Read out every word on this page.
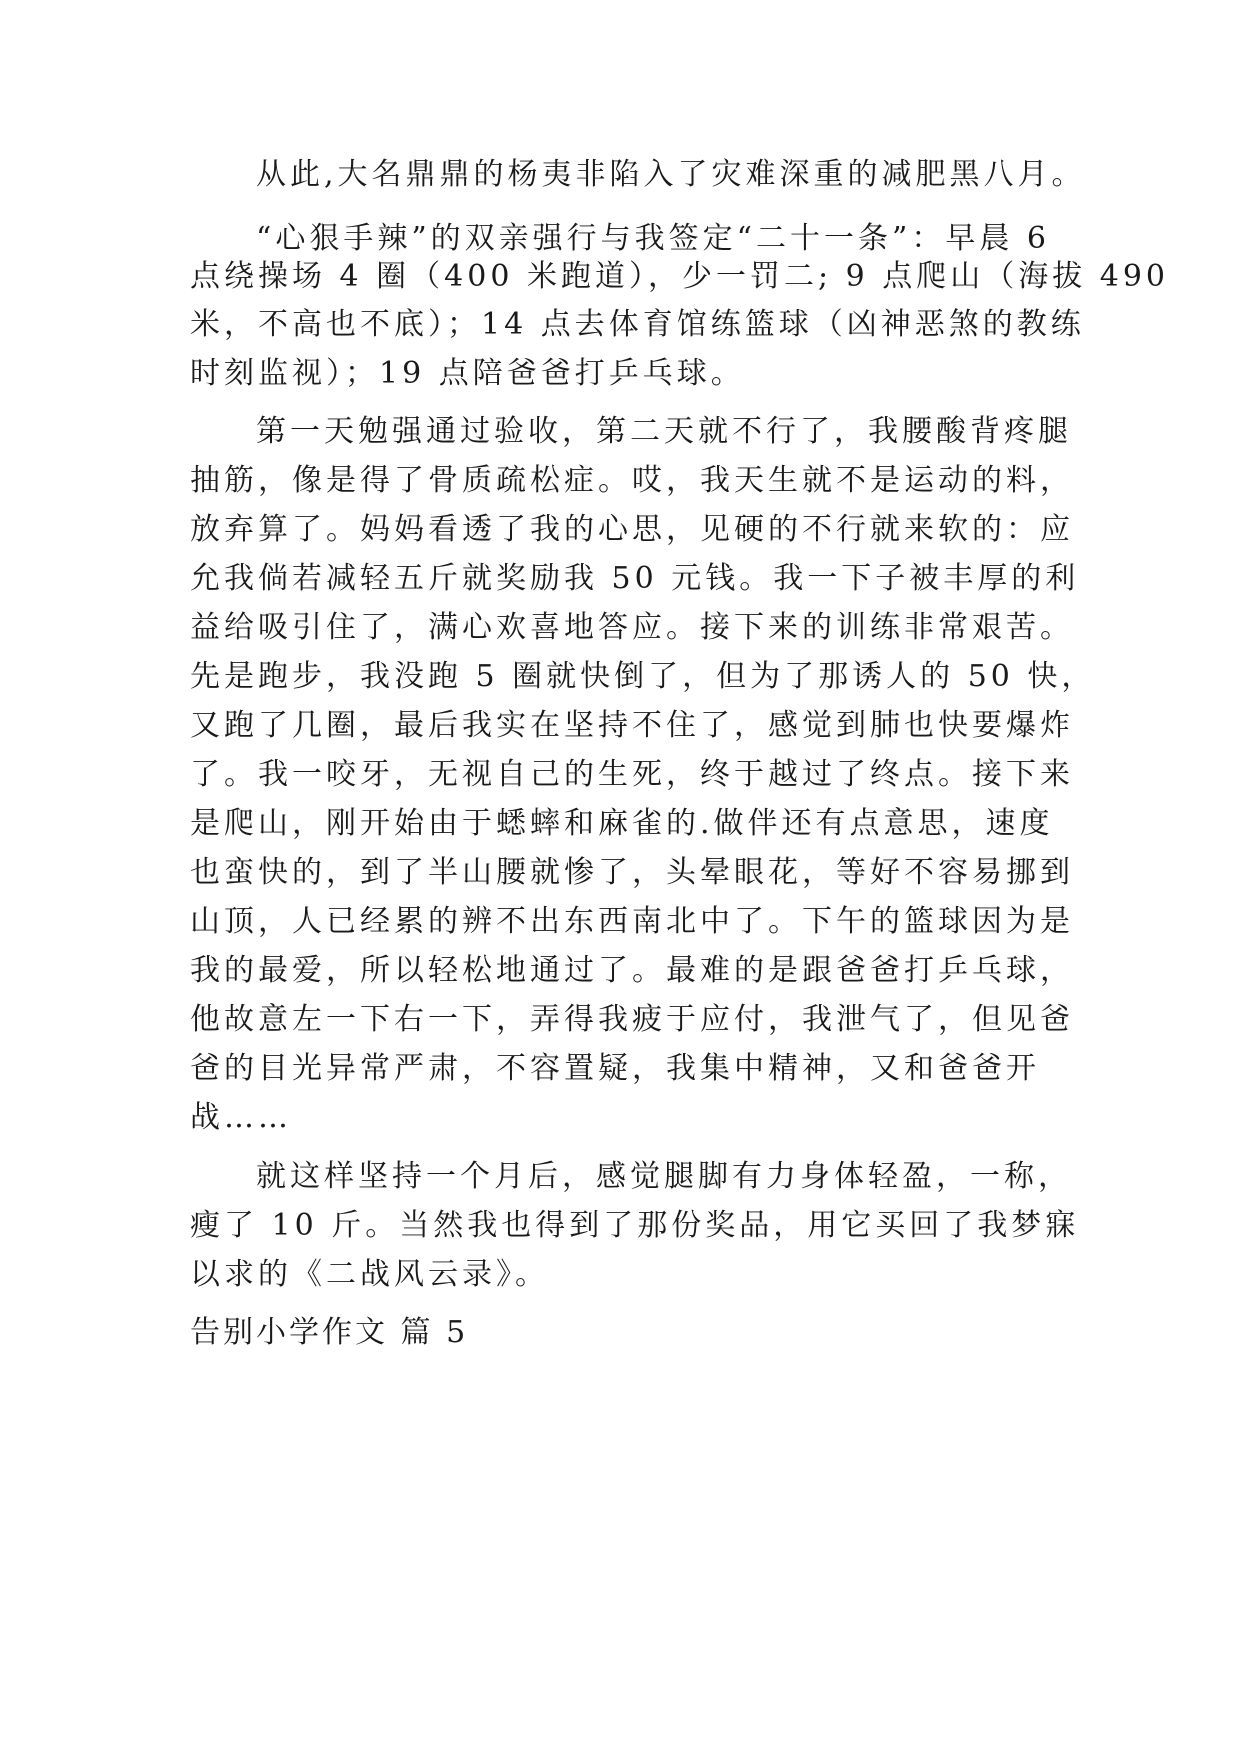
从此,大名鼎鼎的杨夷非陷入了灾难深重的减肥黑八月。
“心狠手辣”的双亲强行与我签定“二十一条”：早晨 6
点绕操场 4 圈（400 米跑道），少一罚二; 9 点爬山（海拔 490
米，不高也不底）；14 点去体育馆练篮球（凶神恶煞的教练
时刻监视）；19 点陪爸爸打乒乓球。
第一天勉强通过验收，第二天就不行了，我腰酸背疼腿
抽筋，像是得了骨质疏松症。哎，我天生就不是运动的料，
放弃算了。妈妈看透了我的心思，见硬的不行就来软的：应
允我倘若减轻五斤就奖励我 50 元钱。我一下子被丰厚的利
益给吸引住了，满心欢喜地答应。接下来的训练非常艰苦。
先是跑步，我没跑 5 圈就快倒了，但为了那诱人的 50 快，
又跑了几圈，最后我实在坚持不住了，感觉到肺也快要爆炸
了。我一咬牙，无视自己的生死，终于越过了终点。接下来
是爬山，刚开始由于蟋蟀和麻雀的.做伴还有点意思，速度
也蛮快的，到了半山腰就惨了，头晕眼花，等好不容易挪到
山顶，人已经累的辨不出东西南北中了。下午的篮球因为是
我的最爱，所以轻松地通过了。最难的是跟爸爸打乒乓球，
他故意左一下右一下，弄得我疲于应付，我泄气了，但见爸
爸的目光异常严肃，不容置疑，我集中精神，又和爸爸开
战……
就这样坚持一个月后，感觉腿脚有力身体轻盈，一称，
瘦了 10 斤。当然我也得到了那份奖品，用它买回了我梦寐
以求的《二战风云录》。
告别小学作文 篇 5
